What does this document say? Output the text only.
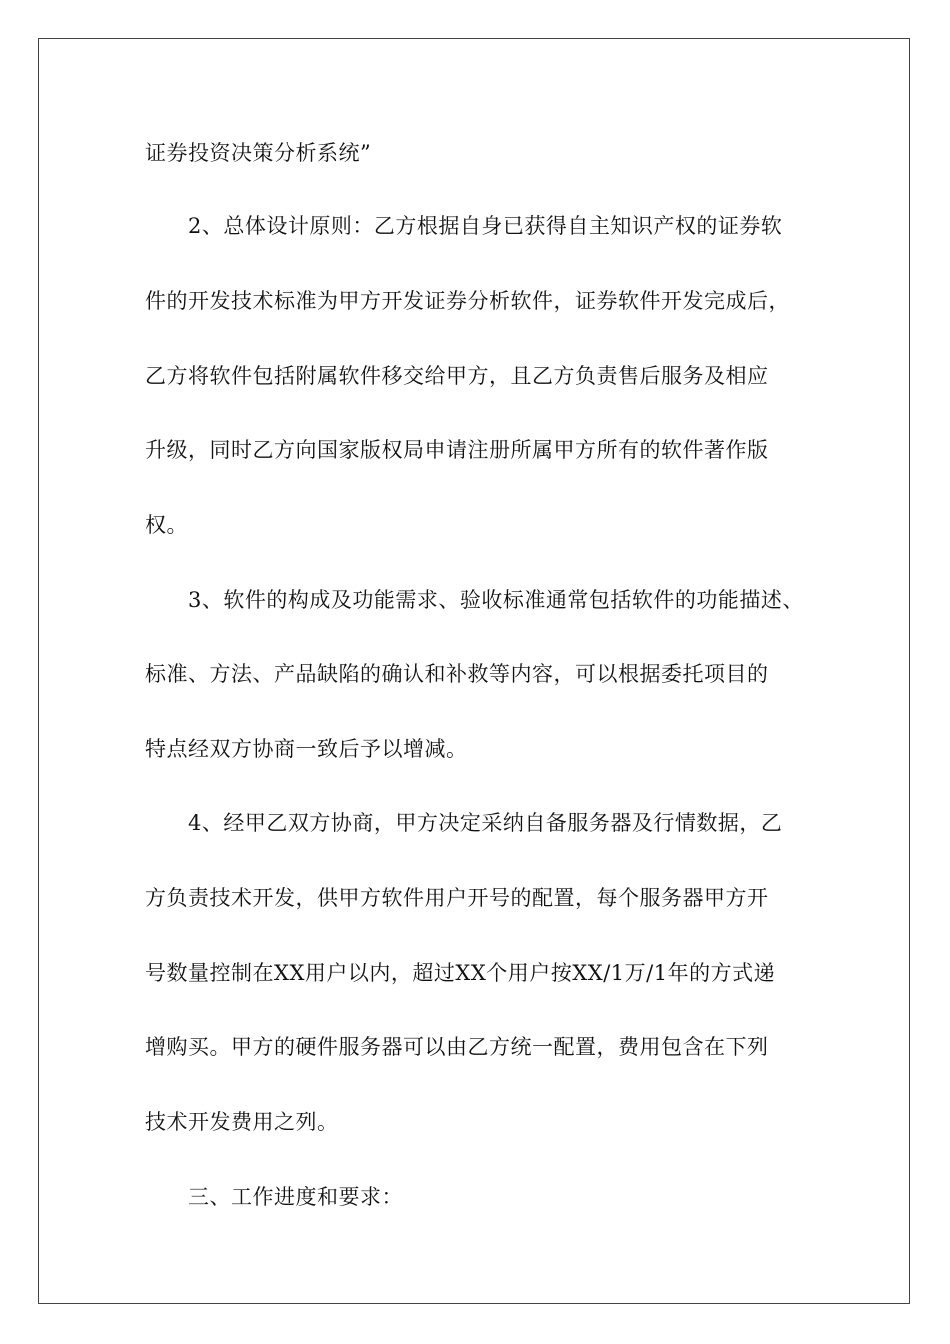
证券投资决策分析系统”
2、总体设计原则：乙方根据自身已获得自主知识产权的证券软
件的开发技术标准为甲方开发证券分析软件，证券软件开发完成后，
乙方将软件包括附属软件移交给甲方，且乙方负责售后服务及相应
升级，同时乙方向国家版权局申请注册所属甲方所有的软件著作版
权。
3、软件的构成及功能需求、验收标准通常包括软件的功能描述、
标准、方法、产品缺陷的确认和补救等内容，可以根据委托项目的
特点经双方协商一致后予以增减。
4、经甲乙双方协商，甲方决定采纳自备服务器及行情数据，乙
方负责技术开发，供甲方软件用户开号的配置，每个服务器甲方开
号数量控制在XX用户以内，超过XX个用户按XX/1万/1年的方式递
增购买。甲方的硬件服务器可以由乙方统一配置，费用包含在下列
技术开发费用之列。
三、工作进度和要求：
